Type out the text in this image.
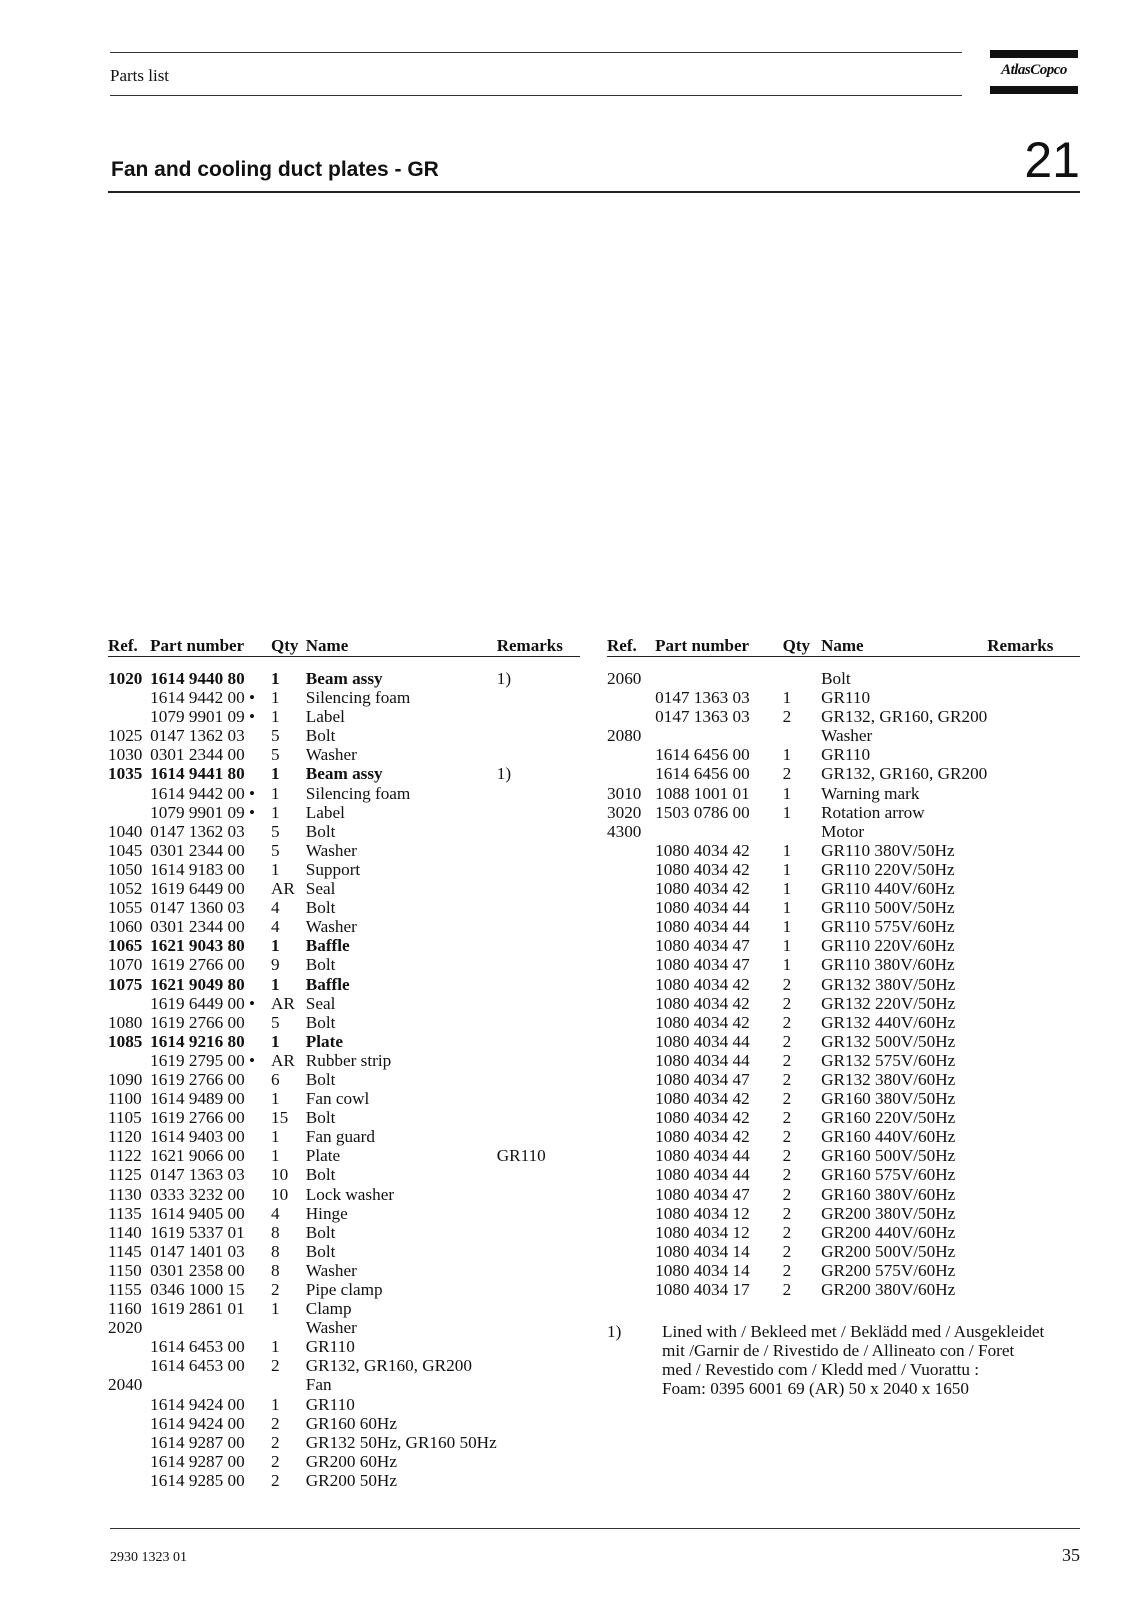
Parts list	AtlasCopco
Fan and cooling duct plates - GR	21
Ref.	Part number	Qty	Name	Remarks

1020	1614 9440 80	1	Beam assy	1)
	1614 9442 00 •	1	Silencing foam	
	1079 9901 09 •	1	Label	
1025	0147 1362 03	5	Bolt	
1030	0301 2344 00	5	Washer	
1035	1614 9441 80	1	Beam assy	1)
	1614 9442 00 •	1	Silencing foam	
	1079 9901 09 •	1	Label	
1040	0147 1362 03	5	Bolt	
1045	0301 2344 00	5	Washer	
1050	1614 9183 00	1	Support	
1052	1619 6449 00	AR	Seal	
1055	0147 1360 03	4	Bolt	
1060	0301 2344 00	4	Washer	
1065	1621 9043 80	1	Baffle	
1070	1619 2766 00	9	Bolt	
1075	1621 9049 80	1	Baffle	
	1619 6449 00 •	AR	Seal	
1080	1619 2766 00	5	Bolt	
1085	1614 9216 80	1	Plate	
	1619 2795 00 •	AR	Rubber strip	
1090	1619 2766 00	6	Bolt	
1100	1614 9489 00	1	Fan cowl	
1105	1619 2766 00	15	Bolt	
1120	1614 9403 00	1	Fan guard	
1122	1621 9066 00	1	Plate	GR110
1125	0147 1363 03	10	Bolt	
1130	0333 3232 00	10	Lock washer	
1135	1614 9405 00	4	Hinge	
1140	1619 5337 01	8	Bolt	
1145	0147 1401 03	8	Bolt	
1150	0301 2358 00	8	Washer	
1155	0346 1000 15	2	Pipe clamp	
1160	1619 2861 01	1	Clamp	
2020			Washer	
	1614 6453 00	1	GR110	
	1614 6453 00	2	GR132, GR160, GR200	
2040			Fan	
	1614 9424 00	1	GR110	
	1614 9424 00	2	GR160 60Hz	
	1614 9287 00	2	GR132 50Hz, GR160 50Hz	
	1614 9287 00	2	GR200 60Hz	
	1614 9285 00	2	GR200 50Hz	
Ref.	Part number	Qty	Name	Remarks

2060			Bolt	
	0147 1363 03	1	GR110	
	0147 1363 03	2	GR132, GR160, GR200	
2080			Washer	
	1614 6456 00	1	GR110	
	1614 6456 00	2	GR132, GR160, GR200	
3010	1088 1001 01	1	Warning mark	
3020	1503 0786 00	1	Rotation arrow	
4300			Motor	
	1080 4034 42	1	GR110 380V/50Hz	
	1080 4034 42	1	GR110 220V/50Hz	
	1080 4034 42	1	GR110 440V/60Hz	
	1080 4034 44	1	GR110 500V/50Hz	
	1080 4034 44	1	GR110 575V/60Hz	
	1080 4034 47	1	GR110 220V/60Hz	
	1080 4034 47	1	GR110 380V/60Hz	
	1080 4034 42	2	GR132 380V/50Hz	
	1080 4034 42	2	GR132 220V/50Hz	
	1080 4034 42	2	GR132 440V/60Hz	
	1080 4034 44	2	GR132 500V/50Hz	
	1080 4034 44	2	GR132 575V/60Hz	
	1080 4034 47	2	GR132 380V/60Hz	
	1080 4034 42	2	GR160 380V/50Hz	
	1080 4034 42	2	GR160 220V/50Hz	
	1080 4034 42	2	GR160 440V/60Hz	
	1080 4034 44	2	GR160 500V/50Hz	
	1080 4034 44	2	GR160 575V/60Hz	
	1080 4034 47	2	GR160 380V/60Hz	
	1080 4034 12	2	GR200 380V/50Hz	
	1080 4034 12	2	GR200 440V/60Hz	
	1080 4034 14	2	GR200 500V/50Hz	
	1080 4034 14	2	GR200 575V/60Hz	
	1080 4034 17	2	GR200 380V/60Hz	
1) Lined with / Bekleed met / Beklädd med / Ausgekleidet
mit /Garnir de / Rivestido de / Allineato con / Foret
med / Revestido com / Kledd med / Vuorattu :
Foam: 0395 6001 69 (AR) 50 x 2040 x 1650
2930 1323 01	35
